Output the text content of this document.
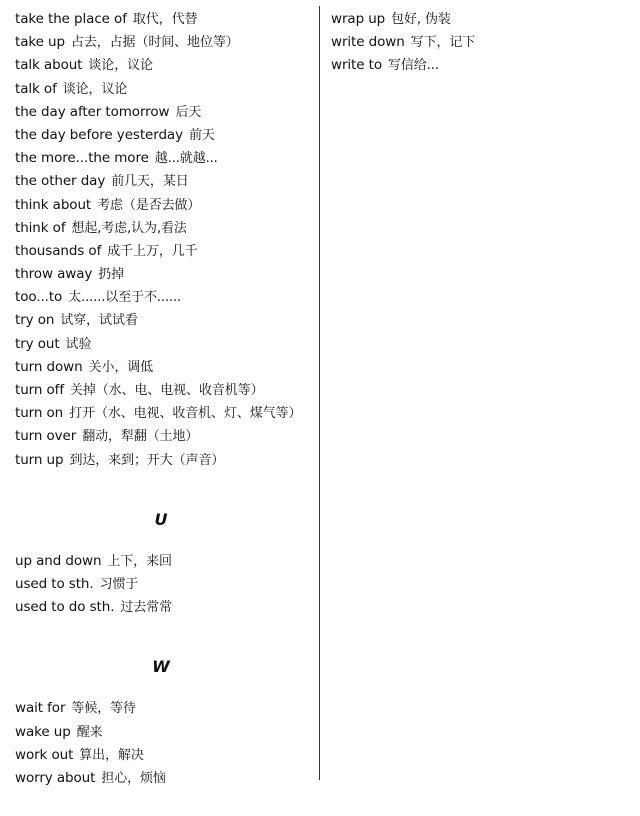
take the place of 取代，代替
take up 占去，占据（时间、地位等）
talk about 谈论，议论
talk of 谈论，议论
the day after tomorrow 后天
the day before yesterday 前天
the more...the more 越...就越...
the other day 前几天，某日
think about 考虑（是否去做）
think of 想起,考虑,认为,看法
thousands of 成千上万，几千
throw away 扔掉
too...to 太......以至于不......
try on 试穿，试试看
try out 试验
turn down 关小，调低
turn off 关掉（水、电、电视、收音机等）
turn on 打开（水、电视、收音机、灯、煤气等）
turn over 翻动，犁翻（土地）
turn up 到达，来到；开大（声音）
U
up and down 上下，来回
used to sth. 习惯于
used to do sth. 过去常常
W
wait for 等候，等待
wake up 醒来
work out 算出，解决
worry about 担心，烦恼
wrap up 包好, 伪装
write down 写下，记下
write to 写信给...
